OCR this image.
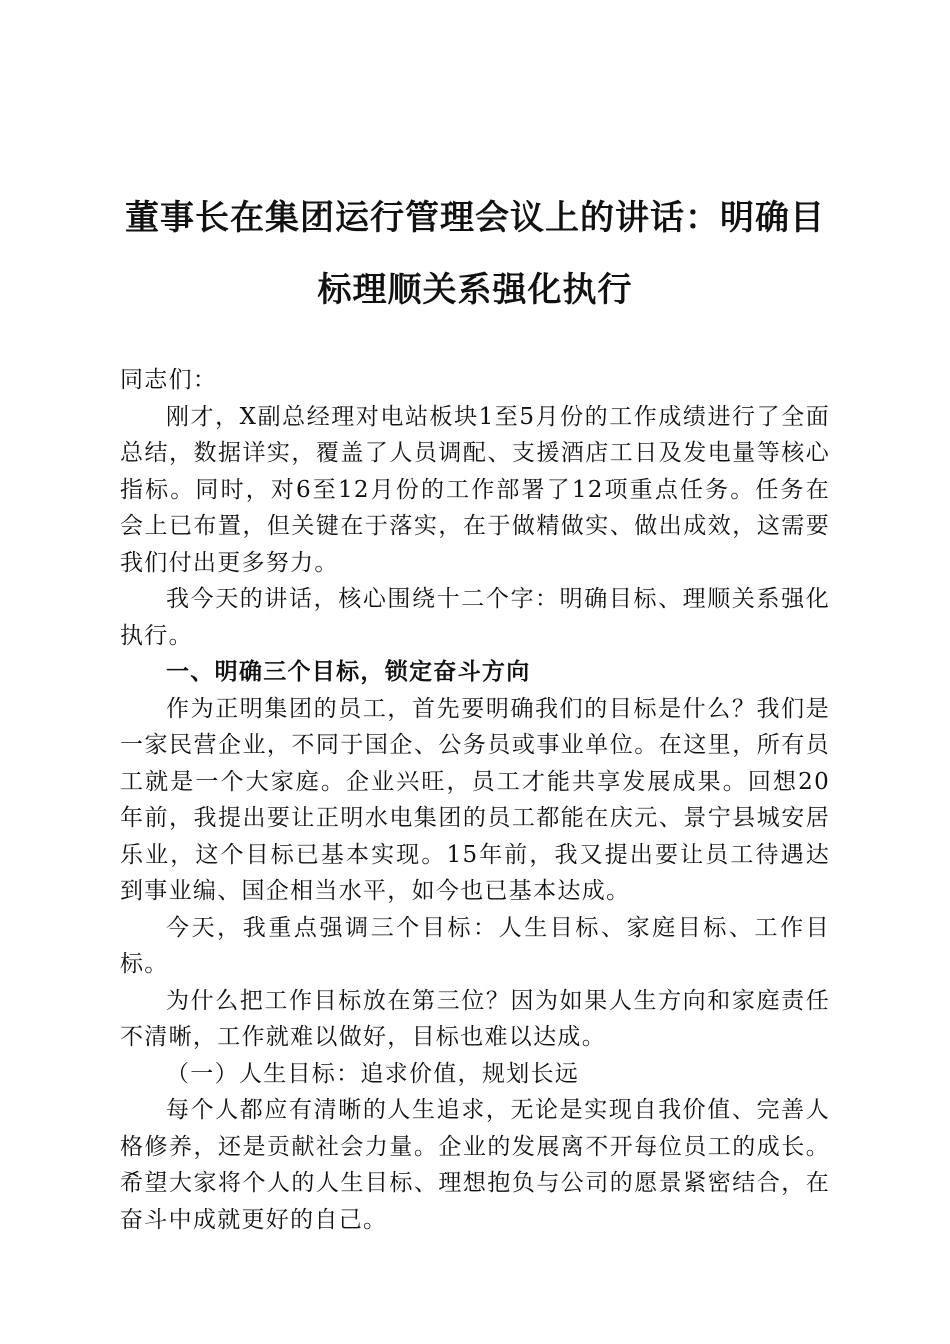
董事长在集团运行管理会议上的讲话：明确目
标理顺关系强化执行

同志们：

刚才，X副总经理对电站板块1至5月份的工作成绩进行了全面总结，数据详实，覆盖了人员调配、支援酒店工日及发电量等核心指标。同时，对6至12月份的工作部署了12项重点任务。任务在会上已布置，但关键在于落实，在于做精做实、做出成效，这需要我们付出更多努力。

我今天的讲话，核心围绕十二个字：明确目标、理顺关系强化执行。

一、明确三个目标，锁定奋斗方向

作为正明集团的员工，首先要明确我们的目标是什么？我们是一家民营企业，不同于国企、公务员或事业单位。在这里，所有员工就是一个大家庭。企业兴旺，员工才能共享发展成果。回想20年前，我提出要让正明水电集团的员工都能在庆元、景宁县城安居乐业，这个目标已基本实现。15年前，我又提出要让员工待遇达到事业编、国企相当水平，如今也已基本达成。

今天，我重点强调三个目标：人生目标、家庭目标、工作目标。

为什么把工作目标放在第三位？因为如果人生方向和家庭责任不清晰，工作就难以做好，目标也难以达成。

（一）人生目标：追求价值，规划长远

每个人都应有清晰的人生追求，无论是实现自我价值、完善人格修养，还是贡献社会力量。企业的发展离不开每位员工的成长。希望大家将个人的人生目标、理想抱负与公司的愿景紧密结合，在奋斗中成就更好的自己。
